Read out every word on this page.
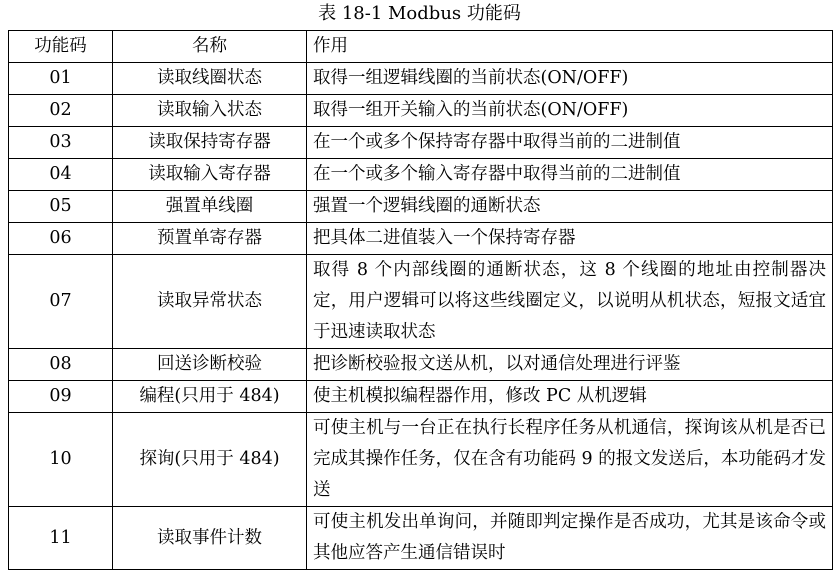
表 18-1 Modbus 功能码
功能码	名称	作用
01	读取线圈状态	取得一组逻辑线圈的当前状态(ON/OFF)
02	读取输入状态	取得一组开关输入的当前状态(ON/OFF)
03	读取保持寄存器	在一个或多个保持寄存器中取得当前的二进制值
04	读取输入寄存器	在一个或多个输入寄存器中取得当前的二进制值
05	强置单线圈	强置一个逻辑线圈的通断状态
06	预置单寄存器	把具体二进值装入一个保持寄存器
07	读取异常状态	取得 8 个内部线圈的通断状态，这 8 个线圈的地址由控制器决定，用户逻辑可以将这些线圈定义，以说明从机状态，短报文适宜于迅速读取状态
08	回送诊断校验	把诊断校验报文送从机，以对通信处理进行评鉴
09	编程(只用于 484)	使主机模拟编程器作用，修改 PC 从机逻辑
10	探询(只用于 484)	可使主机与一台正在执行长程序任务从机通信，探询该从机是否已完成其操作任务，仅在含有功能码 9 的报文发送后，本功能码才发送
11	读取事件计数	可使主机发出单询问，并随即判定操作是否成功，尤其是该命令或其他应答产生通信错误时
